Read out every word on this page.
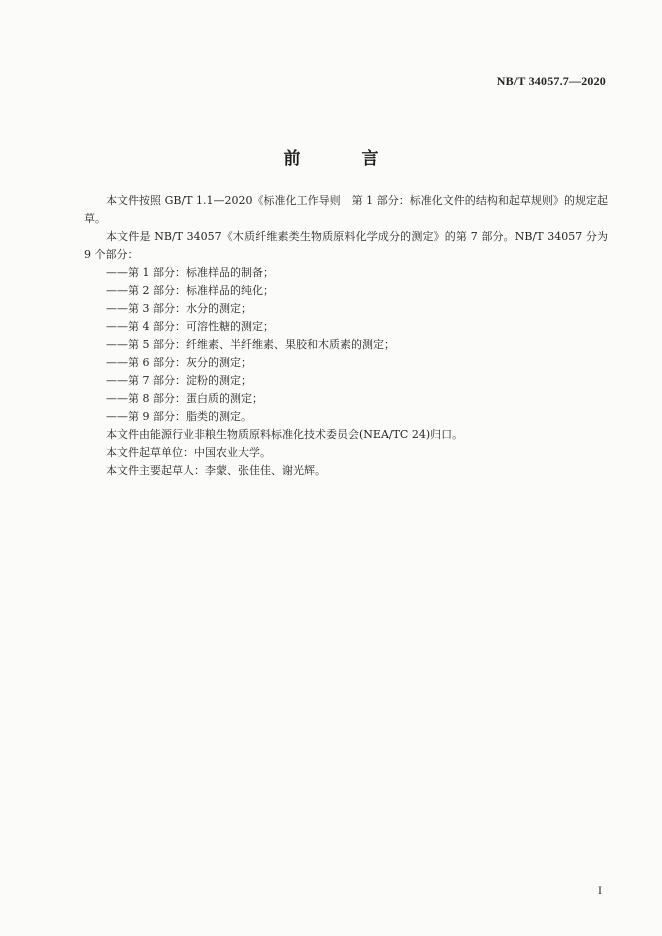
NB/T 34057.7—2020
前　言

本文件按照 GB/T 1.1—2020《标准化工作导则　第 1 部分：标准化文件的结构和起草规则》的规定起草。

本文件是 NB/T 34057《木质纤维素类生物质原料化学成分的测定》的第 7 部分。NB/T 34057 分为 9 个部分：

——第 1 部分：标准样品的制备；
——第 2 部分：标准样品的纯化；
——第 3 部分：水分的测定；
——第 4 部分：可溶性糖的测定；
——第 5 部分：纤维素、半纤维素、果胶和木质素的测定；
——第 6 部分：灰分的测定；
——第 7 部分：淀粉的测定；
——第 8 部分：蛋白质的测定；
——第 9 部分：脂类的测定。

本文件由能源行业非粮生物质原料标准化技术委员会(NEA/TC 24)归口。

本文件起草单位：中国农业大学。

本文件主要起草人：李蒙、张佳佳、谢光辉。

I
